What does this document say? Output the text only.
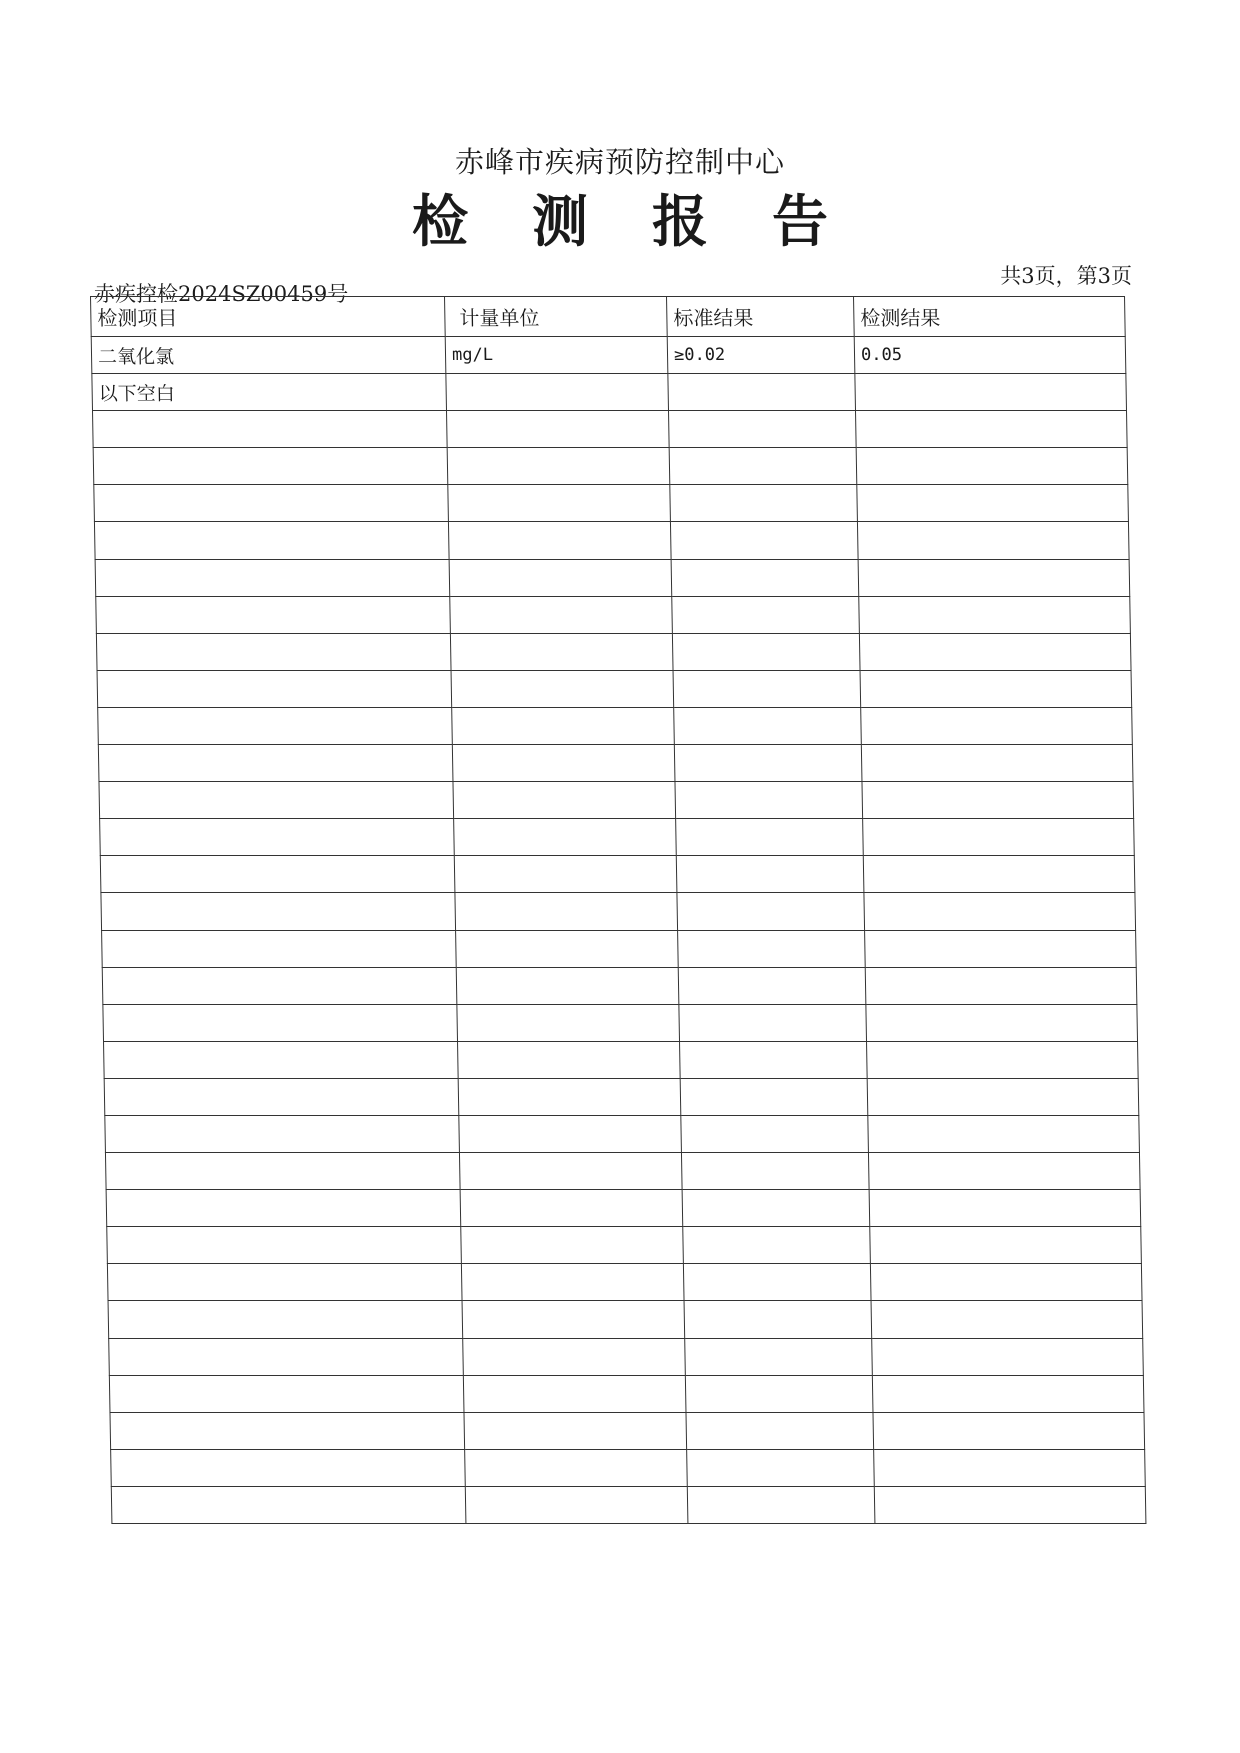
赤峰市疾病预防控制中心
检测报告
赤疾控检2024SZ00459号
共3页，第3页
检测项目	计量单位	标准结果	检测结果
二氧化氯	mg/L	≥0.02	0.05
以下空白			
